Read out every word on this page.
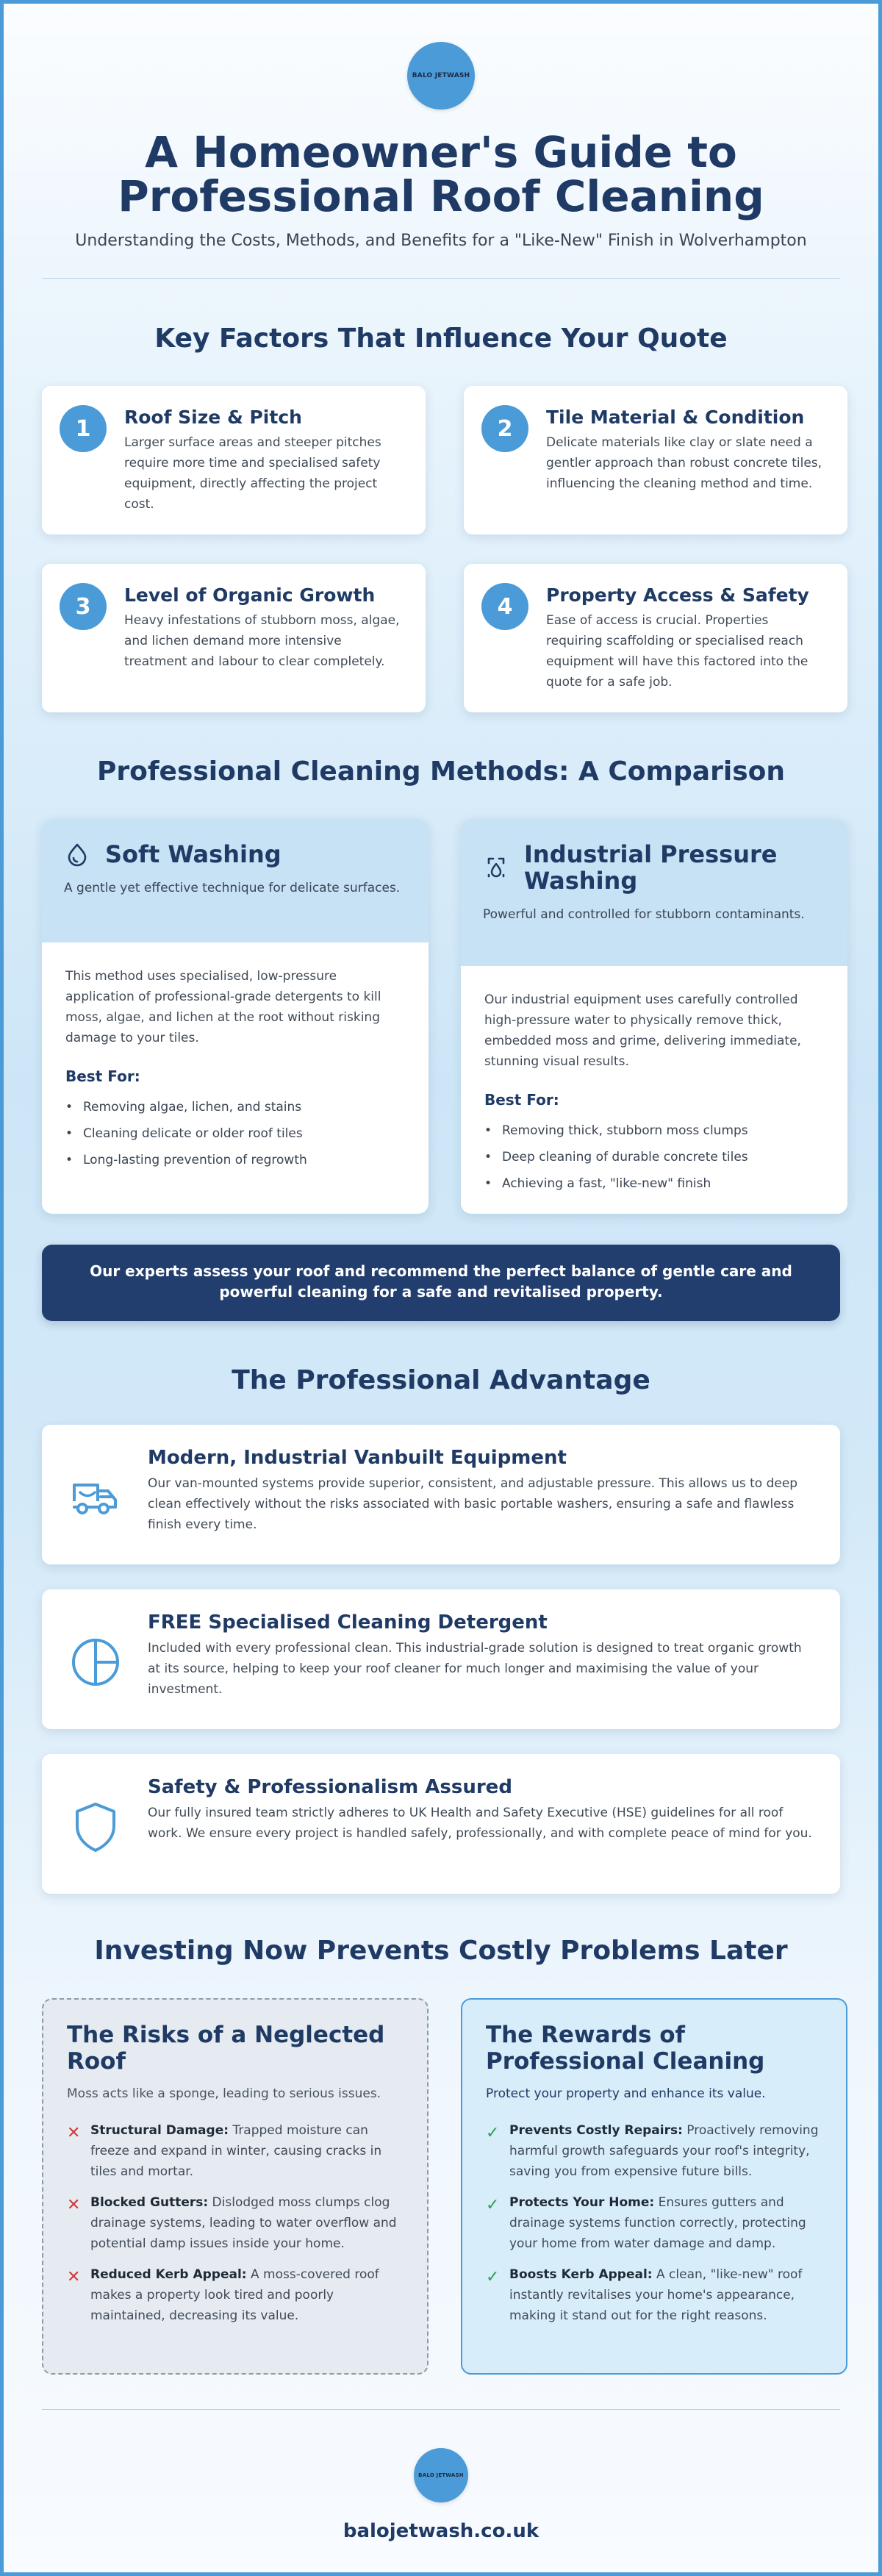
BALO JETWASH
A Homeowner's Guide to
Professional Roof Cleaning
Understanding the Costs, Methods, and Benefits for a "Like-New" Finish in Wolverhampton
Key Factors That Influence Your Quote
1	Roof Size & Pitch
Larger surface areas and steeper pitches require more time and specialised safety equipment, directly affecting the project cost.
2	Tile Material & Condition
Delicate materials like clay or slate need a gentler approach than robust concrete tiles, influencing the cleaning method and time.
3	Level of Organic Growth
Heavy infestations of stubborn moss, algae, and lichen demand more intensive treatment and labour to clear completely.
4	Property Access & Safety
Ease of access is crucial. Properties requiring scaffolding or specialised reach equipment will have this factored into the quote for a safe job.
Professional Cleaning Methods: A Comparison
Soft Washing
A gentle yet effective technique for delicate surfaces.
This method uses specialised, low-pressure application of professional-grade detergents to kill moss, algae, and lichen at the root without risking damage to your tiles.
Best For:
• Removing algae, lichen, and stains
• Cleaning delicate or older roof tiles
• Long-lasting prevention of regrowth
Industrial Pressure Washing
Powerful and controlled for stubborn contaminants.
Our industrial equipment uses carefully controlled high-pressure water to physically remove thick, embedded moss and grime, delivering immediate, stunning visual results.
Best For:
• Removing thick, stubborn moss clumps
• Deep cleaning of durable concrete tiles
• Achieving a fast, "like-new" finish
Our experts assess your roof and recommend the perfect balance of gentle care and powerful cleaning for a safe and revitalised property.
The Professional Advantage
Modern, Industrial Vanbuilt Equipment
Our van-mounted systems provide superior, consistent, and adjustable pressure. This allows us to deep clean effectively without the risks associated with basic portable washers, ensuring a safe and flawless finish every time.
FREE Specialised Cleaning Detergent
Included with every professional clean. This industrial-grade solution is designed to treat organic growth at its source, helping to keep your roof cleaner for much longer and maximising the value of your investment.
Safety & Professionalism Assured
Our fully insured team strictly adheres to UK Health and Safety Executive (HSE) guidelines for all roof work. We ensure every project is handled safely, professionally, and with complete peace of mind for you.
Investing Now Prevents Costly Problems Later
The Risks of a Neglected Roof
Moss acts like a sponge, leading to serious issues.
✕ Structural Damage: Trapped moisture can freeze and expand in winter, causing cracks in tiles and mortar.
✕ Blocked Gutters: Dislodged moss clumps clog drainage systems, leading to water overflow and potential damp issues inside your home.
✕ Reduced Kerb Appeal: A moss-covered roof makes a property look tired and poorly maintained, decreasing its value.
The Rewards of Professional Cleaning
Protect your property and enhance its value.
✓ Prevents Costly Repairs: Proactively removing harmful growth safeguards your roof's integrity, saving you from expensive future bills.
✓ Protects Your Home: Ensures gutters and drainage systems function correctly, protecting your home from water damage and damp.
✓ Boosts Kerb Appeal: A clean, "like-new" roof instantly revitalises your home's appearance, making it stand out for the right reasons.
BALO JETWASH
balojetwash.co.uk
